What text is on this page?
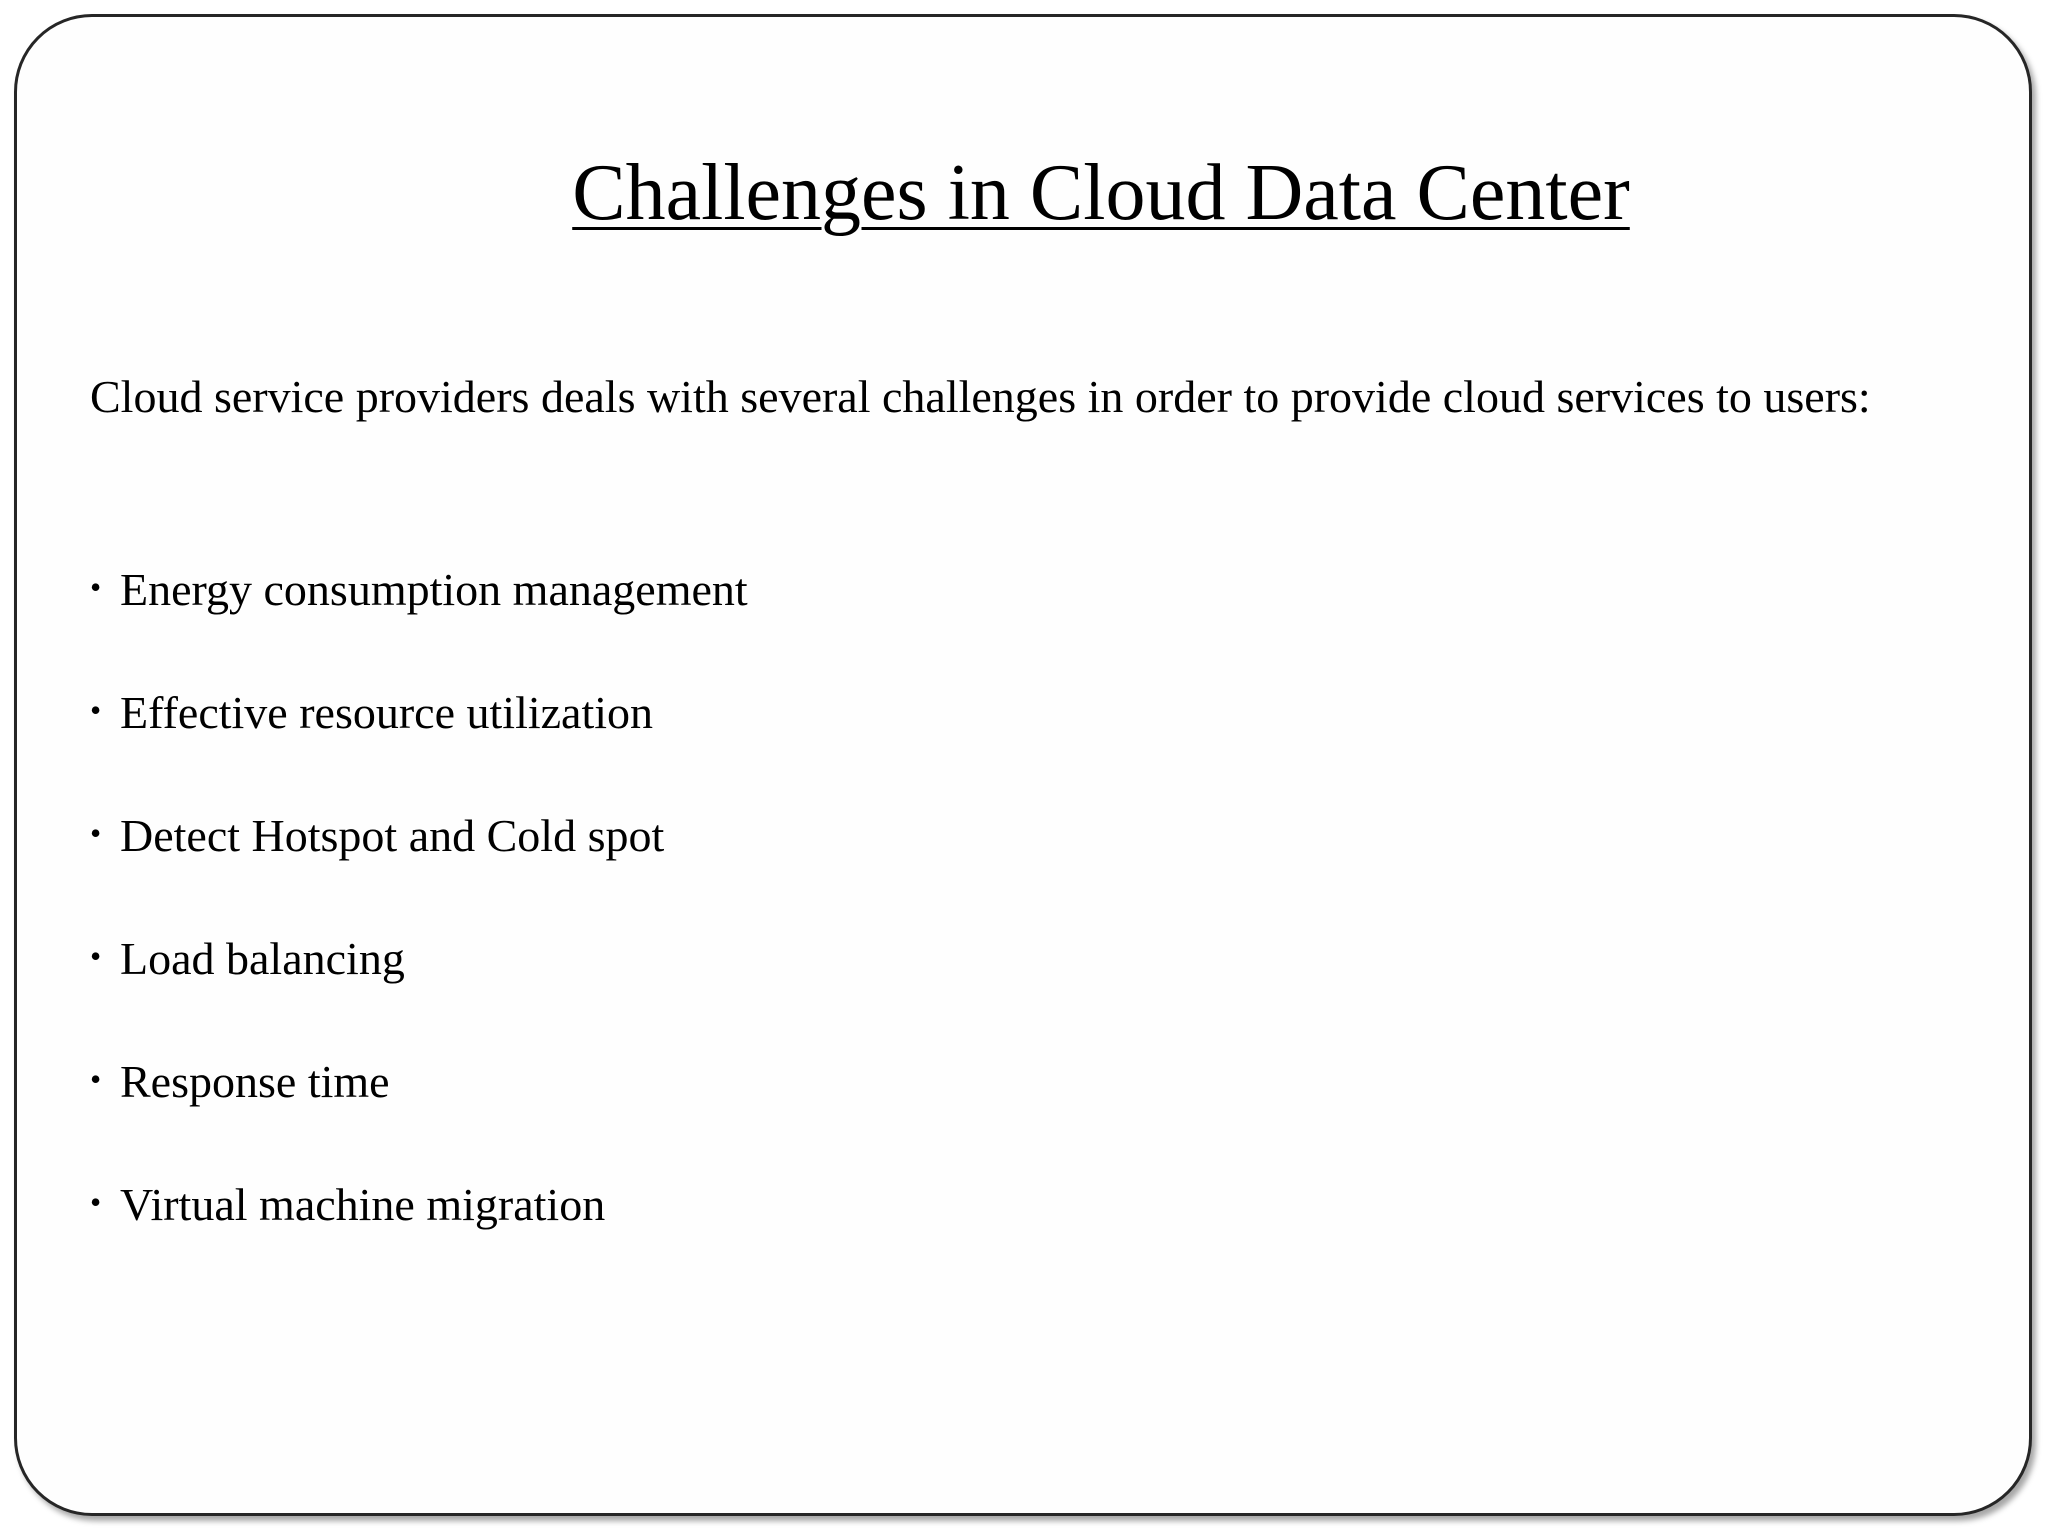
Challenges in Cloud Data Center

Cloud service providers deals with several challenges in order to provide cloud services to users:

• Energy consumption management
• Effective resource utilization
• Detect Hotspot and Cold spot
• Load balancing
• Response time
• Virtual machine migration
